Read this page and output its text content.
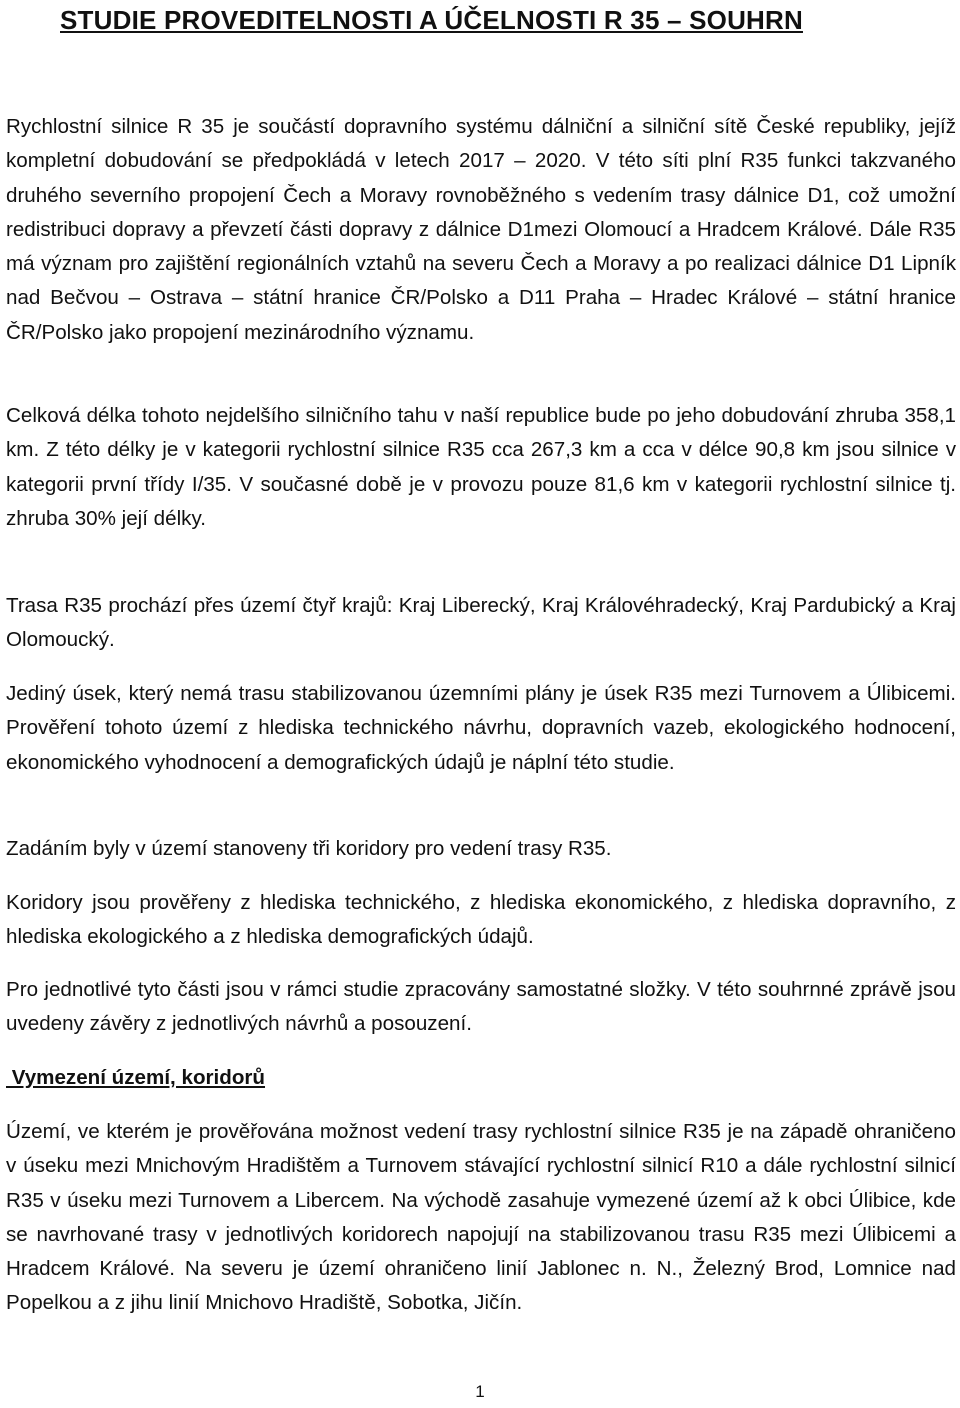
STUDIE PROVEDITELNOSTI A ÚČELNOSTI R 35 – SOUHRN

Rychlostní silnice R 35 je součástí dopravního systému dálniční a silniční sítě České republiky, jejíž kompletní dobudování se předpokládá v letech 2017 – 2020. V této síti plní R35 funkci takzvaného druhého severního propojení Čech a Moravy rovnoběžného s vedením trasy dálnice D1, což umožní redistribuci dopravy a převzetí části dopravy z dálnice D1mezi Olomoucí a Hradcem Králové. Dále R35 má význam pro zajištění regionálních vztahů na severu Čech a Moravy a po realizaci dálnice D1 Lipník nad Bečvou – Ostrava – státní hranice ČR/Polsko a D11 Praha – Hradec Králové – státní hranice ČR/Polsko jako propojení mezinárodního významu.

Celková délka tohoto nejdelšího silničního tahu v naší republice bude po jeho dobudování zhruba 358,1 km. Z této délky je v kategorii rychlostní silnice R35 cca 267,3 km a cca v délce 90,8 km jsou silnice v kategorii první třídy I/35. V současné době je v provozu pouze 81,6 km v kategorii rychlostní silnice tj. zhruba 30% její délky.

Trasa R35 prochází přes území čtyř krajů: Kraj Liberecký, Kraj Královéhradecký, Kraj Pardubický a Kraj Olomoucký.

Jediný úsek, který nemá trasu stabilizovanou územními plány je úsek R35 mezi Turnovem a Úlibicemi. Prověření tohoto území z hlediska technického návrhu, dopravních vazeb, ekologického hodnocení, ekonomického vyhodnocení a demografických údajů je náplní této studie.

Zadáním byly v území stanoveny tři koridory pro vedení trasy R35.

Koridory jsou prověřeny z hlediska technického, z hlediska ekonomického, z hlediska dopravního, z hlediska ekologického a z hlediska demografických údajů.

Pro jednotlivé tyto části jsou v rámci studie zpracovány samostatné složky. V této souhrnné zprávě jsou uvedeny závěry z jednotlivých návrhů a posouzení.

Vymezení území, koridorů

Území, ve kterém je prověřována možnost vedení trasy rychlostní silnice R35 je na západě ohraničeno v úseku mezi Mnichovým Hradištěm a Turnovem stávající rychlostní silnicí R10 a dále rychlostní silnicí R35 v úseku mezi Turnovem a Libercem. Na východě zasahuje vymezené území až k obci Úlibice, kde se navrhované trasy v jednotlivých koridorech napojují na stabilizovanou trasu R35 mezi Úlibicemi a Hradcem Králové. Na severu je území ohraničeno linií Jablonec n. N., Železný Brod, Lomnice nad Popelkou a z jihu linií Mnichovo Hradiště, Sobotka, Jičín.

1
